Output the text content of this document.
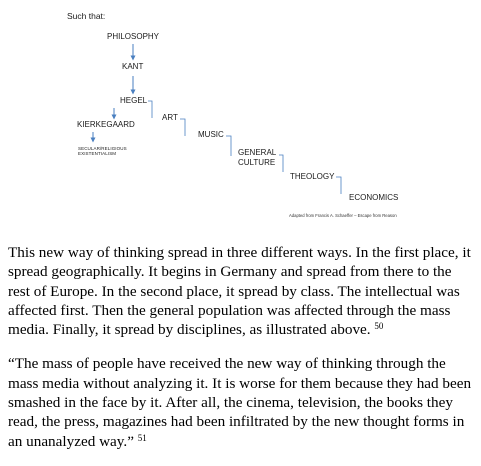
Such that:
PHILOSOPHY
KANT
HEGEL
KIERKEGAARD
SECULAR/RELIGIOUS
EXISTENTIALISM
ART
MUSIC
GENERAL
CULTURE
THEOLOGY
ECONOMICS
Adapted from Francis A. Schaeffer – Escape from Reason

This new way of thinking spread in three different ways. In the first place, it spread geographically. It begins in Germany and spread from there to the rest of Europe. In the second place, it spread by class. The intellectual was affected first. Then the general population was affected through the mass media. Finally, it spread by disciplines, as illustrated above. $^{50}$

“The mass of people have received the new way of thinking through the mass media without analyzing it. It is worse for them because they had been smashed in the face by it. After all, the cinema, television, the books they read, the press, magazines had been infiltrated by the new thought forms in an unanalyzed way.” $^{51}$
